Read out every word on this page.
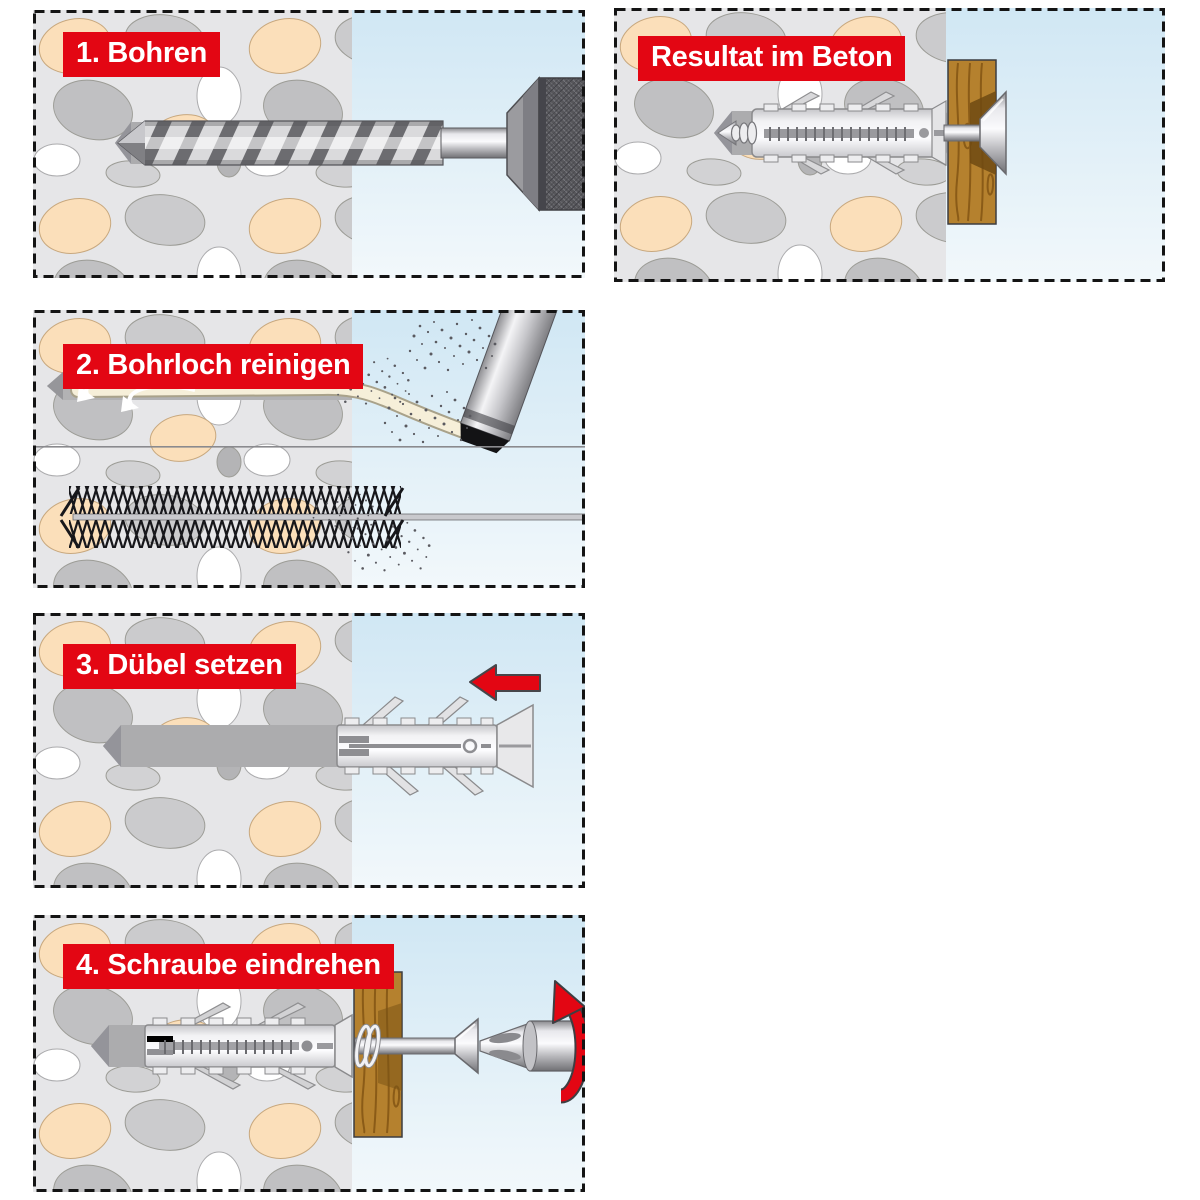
1. Bohren	Resultat im Beton
2. Bohrloch reinigen
3. Dübel setzen
4. Schraube eindrehen
